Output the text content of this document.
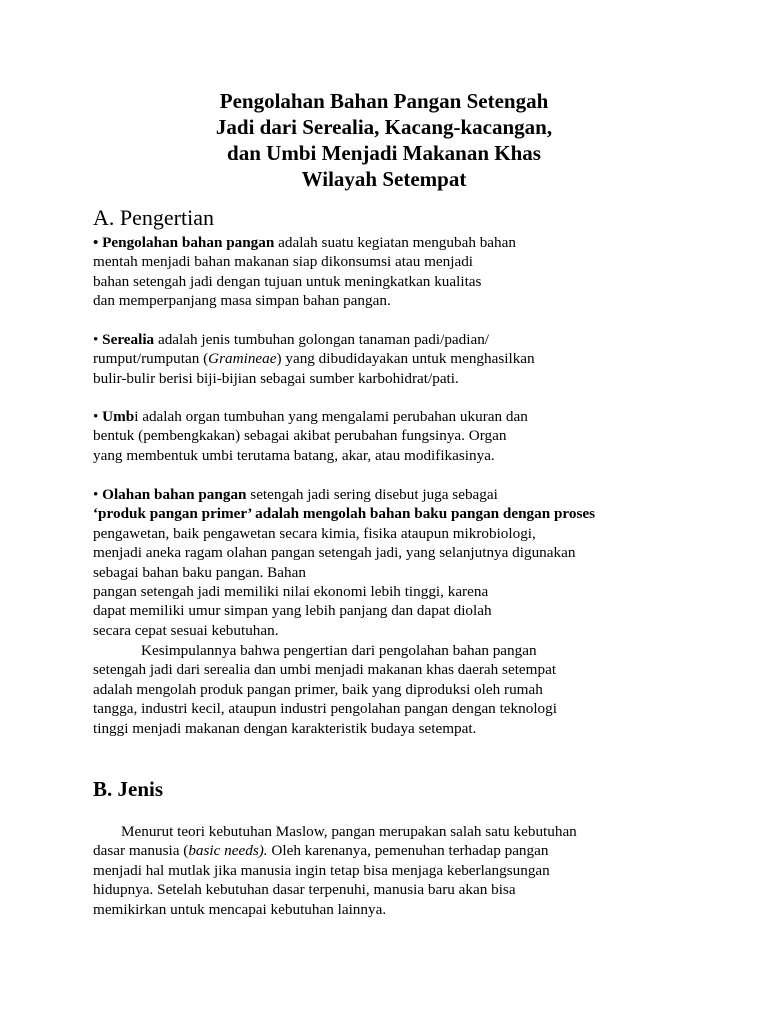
Pengolahan Bahan Pangan Setengah
Jadi dari Serealia, Kacang-kacangan,
dan Umbi Menjadi Makanan Khas
Wilayah Setempat
A. Pengertian
• Pengolahan bahan pangan adalah suatu kegiatan mengubah bahan
mentah menjadi bahan makanan siap dikonsumsi atau menjadi
bahan setengah jadi dengan tujuan untuk meningkatkan kualitas
dan memperpanjang masa simpan bahan pangan.
• Serealia adalah jenis tumbuhan golongan tanaman padi/padian/
rumput/rumputan (Gramineae) yang dibudidayakan untuk menghasilkan
bulir-bulir berisi biji-bijian sebagai sumber karbohidrat/pati.
• Umbi adalah organ tumbuhan yang mengalami perubahan ukuran dan
bentuk (pembengkakan) sebagai akibat perubahan fungsinya. Organ
yang membentuk umbi terutama batang, akar, atau modifikasinya.
• Olahan bahan pangan setengah jadi sering disebut juga sebagai
‘produk pangan primer’ adalah mengolah bahan baku pangan dengan proses
pengawetan, baik pengawetan secara kimia, fisika ataupun mikrobiologi,
menjadi aneka ragam olahan pangan setengah jadi, yang selanjutnya digunakan
sebagai bahan baku pangan. Bahan
pangan setengah jadi memiliki nilai ekonomi lebih tinggi, karena
dapat memiliki umur simpan yang lebih panjang dan dapat diolah
secara cepat sesuai kebutuhan.
Kesimpulannya bahwa pengertian dari pengolahan bahan pangan
setengah jadi dari serealia dan umbi menjadi makanan khas daerah setempat
adalah mengolah produk pangan primer, baik yang diproduksi oleh rumah
tangga, industri kecil, ataupun industri pengolahan pangan dengan teknologi
tinggi menjadi makanan dengan karakteristik budaya setempat.
B. Jenis
Menurut teori kebutuhan Maslow, pangan merupakan salah satu kebutuhan
dasar manusia (basic needs). Oleh karenanya, pemenuhan terhadap pangan
menjadi hal mutlak jika manusia ingin tetap bisa menjaga keberlangsungan
hidupnya. Setelah kebutuhan dasar terpenuhi, manusia baru akan bisa
memikirkan untuk mencapai kebutuhan lainnya.
